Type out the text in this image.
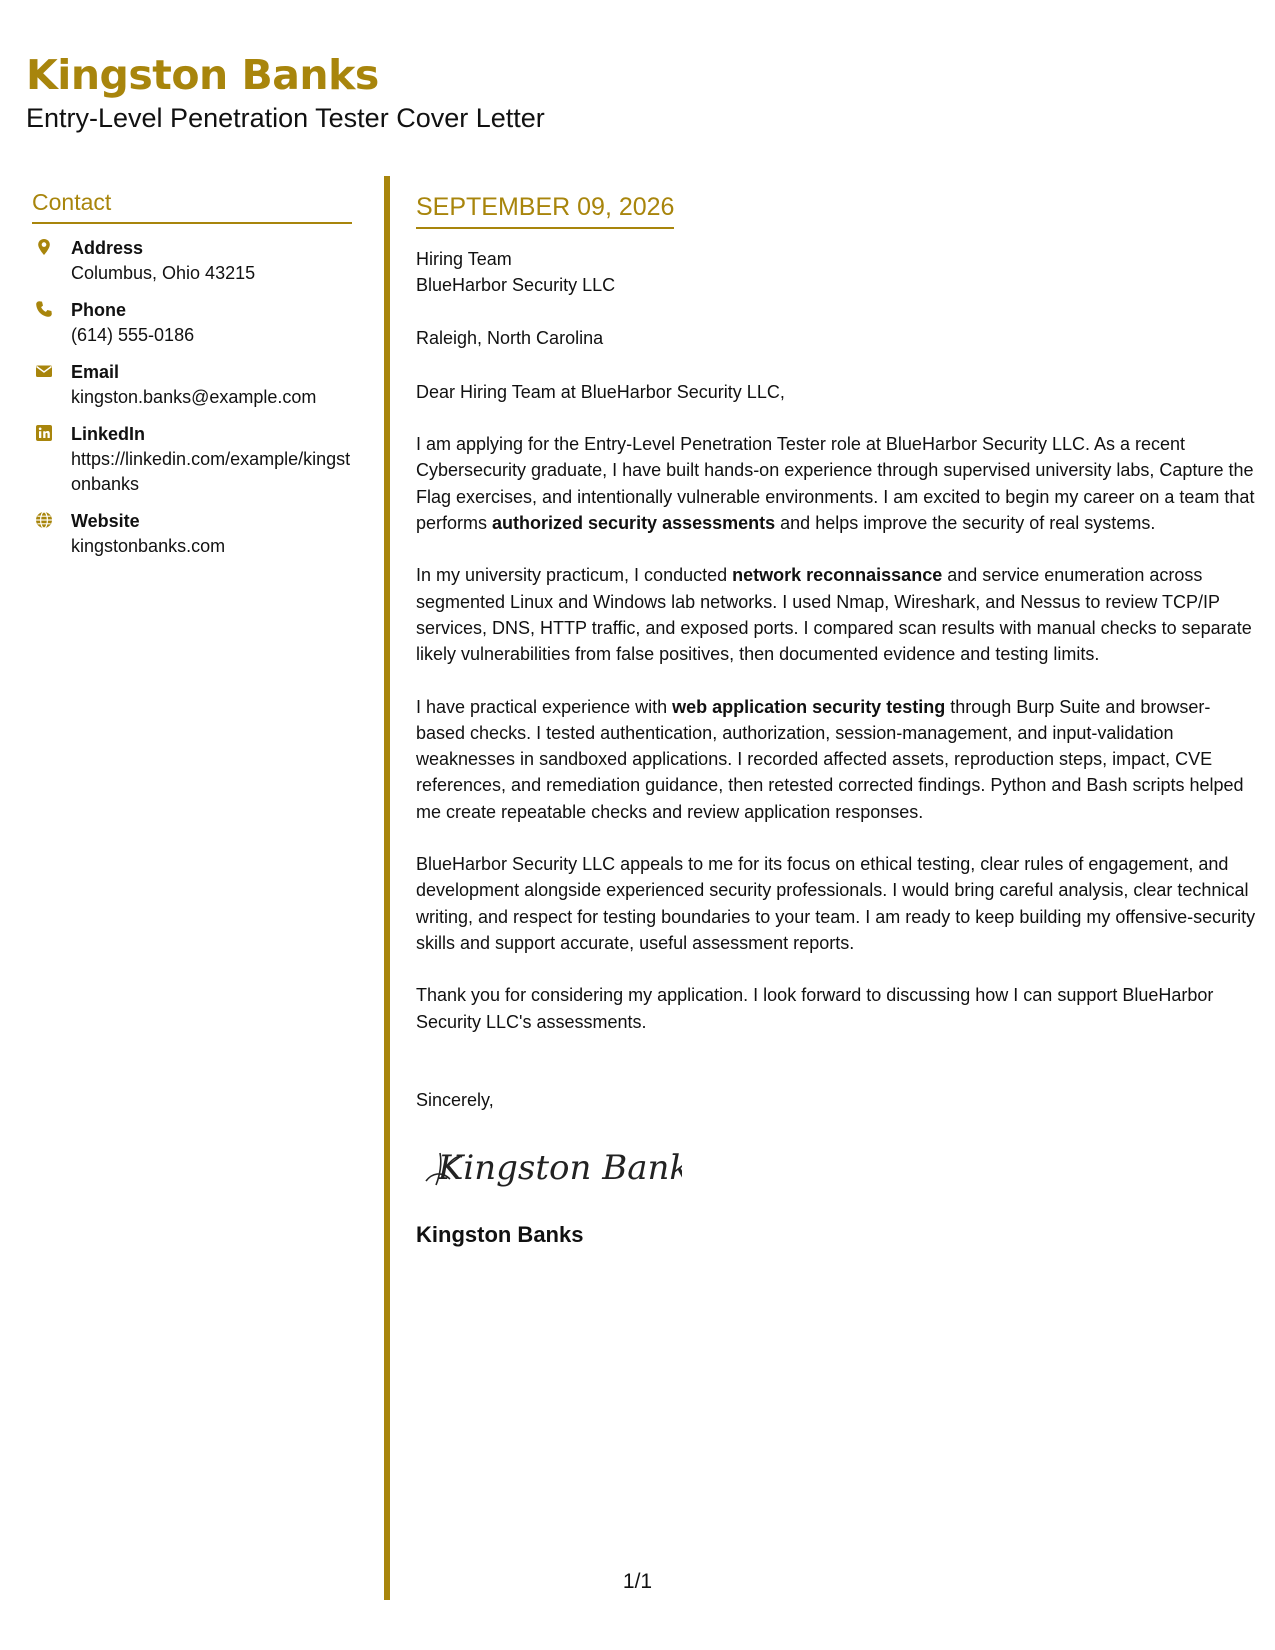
Kingston Banks
Entry-Level Penetration Tester Cover Letter
Contact
Address
Columbus, Ohio 43215
Phone
(614) 555-0186
Email
kingston.banks@example.com
LinkedIn
https://linkedin.com/example/kingstonbanks
Website
kingstonbanks.com
SEPTEMBER 09, 2026
Hiring Team
BlueHarbor Security LLC
Raleigh, North Carolina
Dear Hiring Team at BlueHarbor Security LLC,
I am applying for the Entry-Level Penetration Tester role at BlueHarbor Security LLC. As a recent Cybersecurity graduate, I have built hands-on experience through supervised university labs, Capture the Flag exercises, and intentionally vulnerable environments. I am excited to begin my career on a team that performs authorized security assessments and helps improve the security of real systems.
In my university practicum, I conducted network reconnaissance and service enumeration across segmented Linux and Windows lab networks. I used Nmap, Wireshark, and Nessus to review TCP/IP services, DNS, HTTP traffic, and exposed ports. I compared scan results with manual checks to separate likely vulnerabilities from false positives, then documented evidence and testing limits.
I have practical experience with web application security testing through Burp Suite and browser-based checks. I tested authentication, authorization, session-management, and input-validation weaknesses in sandboxed applications. I recorded affected assets, reproduction steps, impact, CVE references, and remediation guidance, then retested corrected findings. Python and Bash scripts helped me create repeatable checks and review application responses.
BlueHarbor Security LLC appeals to me for its focus on ethical testing, clear rules of engagement, and development alongside experienced security professionals. I would bring careful analysis, clear technical writing, and respect for testing boundaries to your team. I am ready to keep building my offensive-security skills and support accurate, useful assessment reports.
Thank you for considering my application. I look forward to discussing how I can support BlueHarbor Security LLC's assessments.
Sincerely,
Kingston Banks
Kingston Banks
1/1
